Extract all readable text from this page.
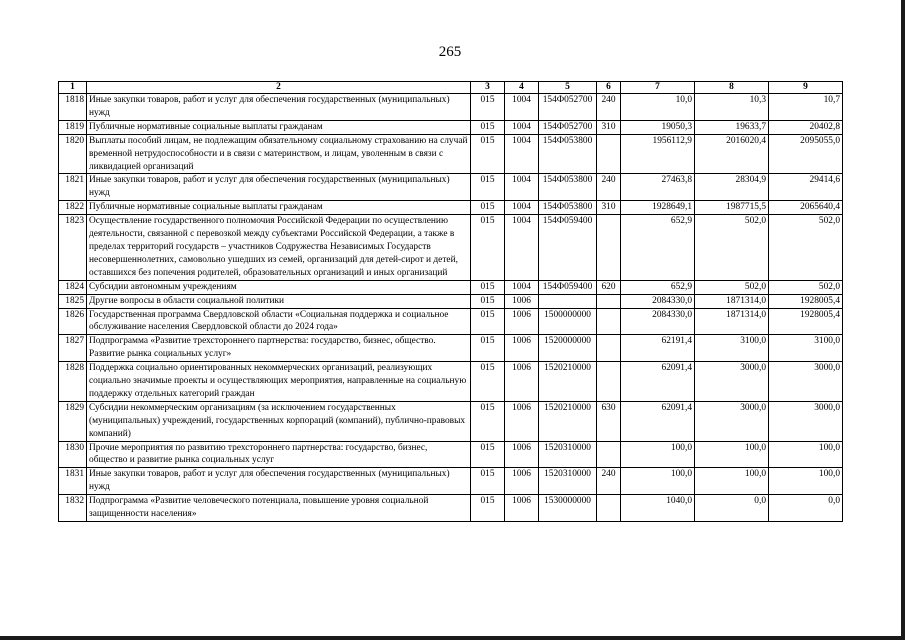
265
1	2	3	4	5	6	7	8	9
1818	Иные закупки товаров, работ и услуг для обеспечения государственных (муниципальных) нужд	015	1004	154Ф052700	240	10,0	10,3	10,7
1819	Публичные нормативные социальные выплаты гражданам	015	1004	154Ф052700	310	19050,3	19633,7	20402,8
1820	Выплаты пособий лицам, не подлежащим обязательному социальному страхованию на случай временной нетрудоспособности и в связи с материнством, и лицам, уволенным в связи с ликвидацией организаций	015	1004	154Ф053800		1956112,9	2016020,4	2095055,0
1821	Иные закупки товаров, работ и услуг для обеспечения государственных (муниципальных) нужд	015	1004	154Ф053800	240	27463,8	28304,9	29414,6
1822	Публичные нормативные социальные выплаты гражданам	015	1004	154Ф053800	310	1928649,1	1987715,5	2065640,4
1823	Осуществление государственного полномочия Российской Федерации по осуществлению деятельности, связанной с перевозкой между субъектами Российской Федерации, а также в пределах территорий государств – участников Содружества Независимых Государств несовершеннолетних, самовольно ушедших из семей, организаций для детей-сирот и детей, оставшихся без попечения родителей, образовательных организаций и иных организаций	015	1004	154Ф059400		652,9	502,0	502,0
1824	Субсидии автономным учреждениям	015	1004	154Ф059400	620	652,9	502,0	502,0
1825	Другие вопросы в области социальной политики	015	1006			2084330,0	1871314,0	1928005,4
1826	Государственная программа Свердловской области «Социальная поддержка и социальное обслуживание населения Свердловской области до 2024 года»	015	1006	1500000000		2084330,0	1871314,0	1928005,4
1827	Подпрограмма «Развитие трехстороннего партнерства: государство, бизнес, общество. Развитие рынка социальных услуг»	015	1006	1520000000		62191,4	3100,0	3100,0
1828	Поддержка социально ориентированных некоммерческих организаций, реализующих социально значимые проекты и осуществляющих мероприятия, направленные на социальную поддержку отдельных категорий граждан	015	1006	1520210000		62091,4	3000,0	3000,0
1829	Субсидии некоммерческим организациям (за исключением государственных (муниципальных) учреждений, государственных корпораций (компаний), публично-правовых компаний)	015	1006	1520210000	630	62091,4	3000,0	3000,0
1830	Прочие мероприятия по развитию трехстороннего партнерства: государство, бизнес, общество и развитие рынка социальных услуг	015	1006	1520310000		100,0	100,0	100,0
1831	Иные закупки товаров, работ и услуг для обеспечения государственных (муниципальных) нужд	015	1006	1520310000	240	100,0	100,0	100,0
1832	Подпрограмма «Развитие человеческого потенциала, повышение уровня социальной защищенности населения»	015	1006	1530000000		1040,0	0,0	0,0
